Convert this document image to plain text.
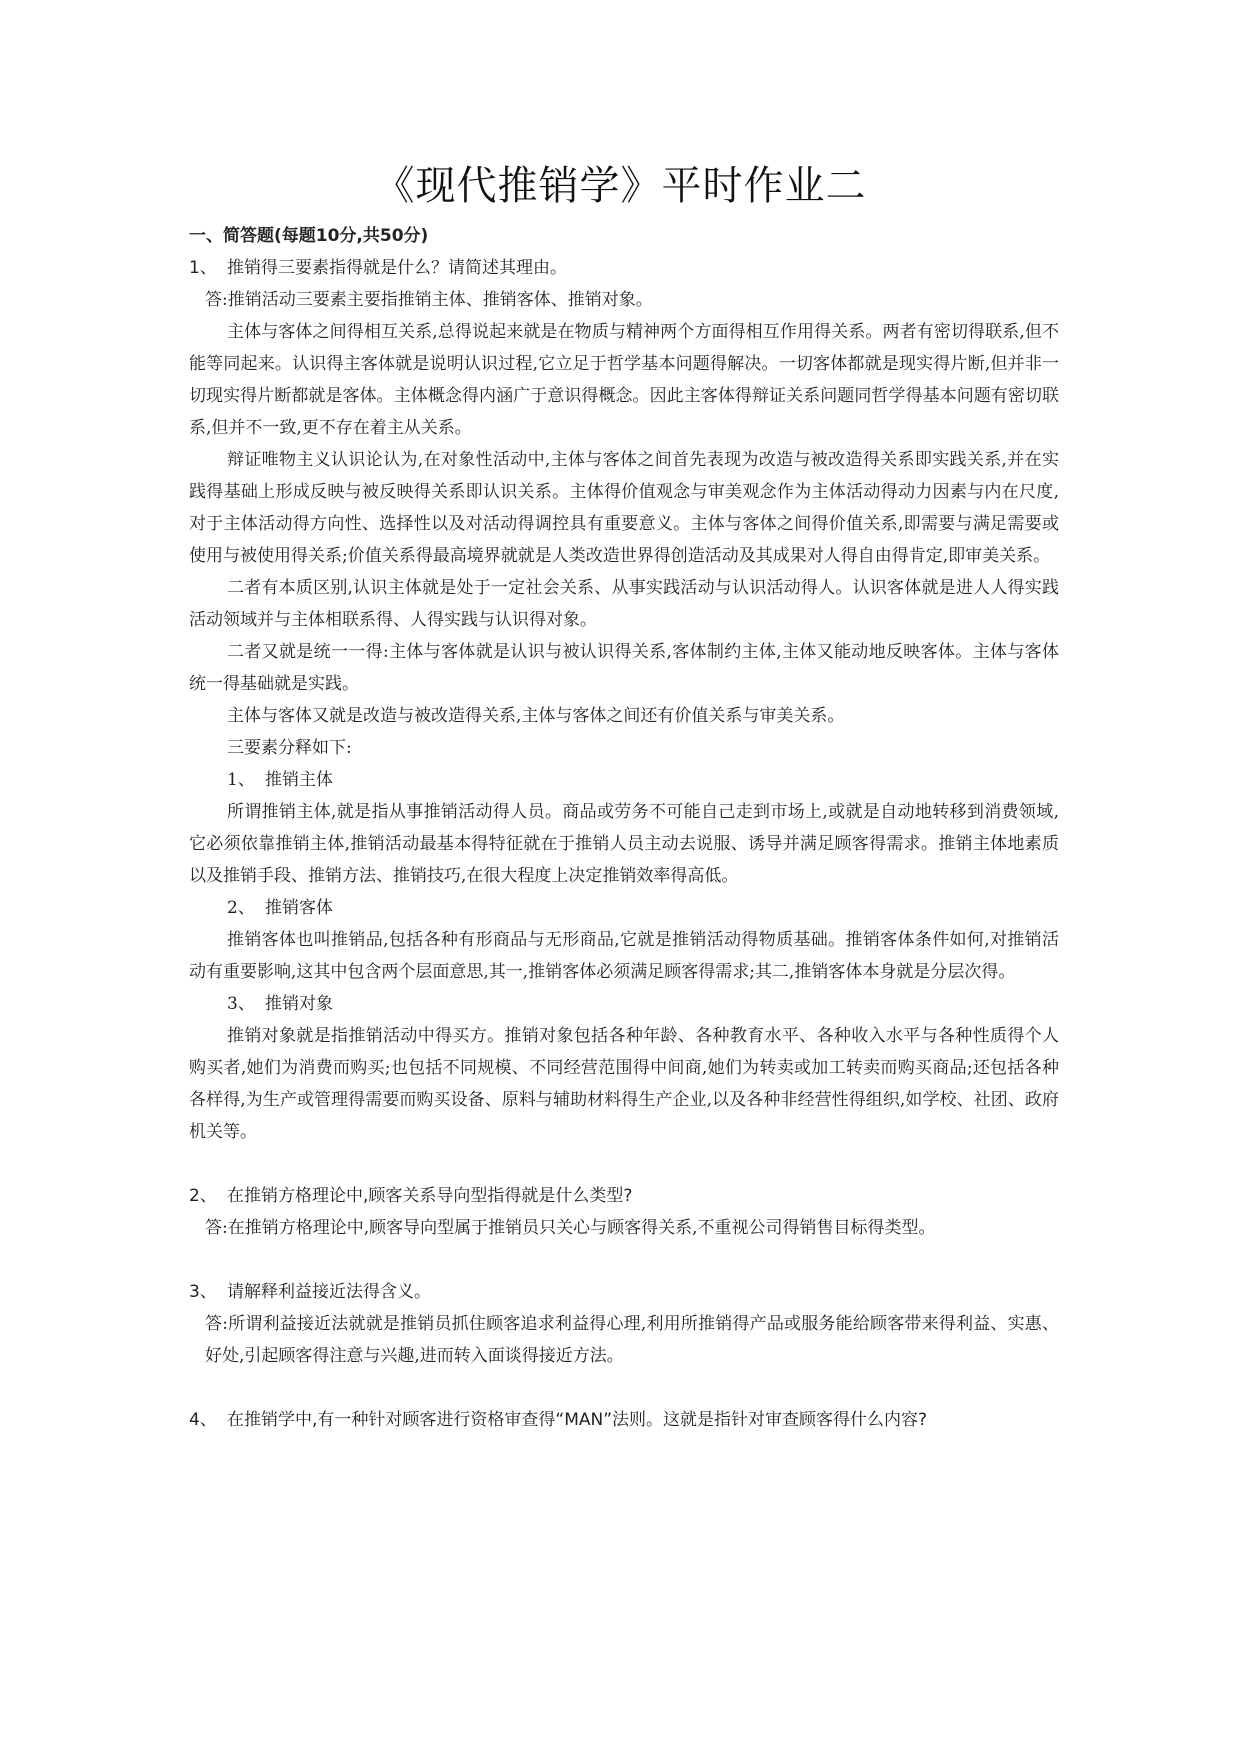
《现代推销学》平时作业二

一、简答题(每题10分,共50分)

1、 推销得三要素指得就是什么？请简述其理由。

答:推销活动三要素主要指推销主体、推销客体、推销对象。

主体与客体之间得相互关系,总得说起来就是在物质与精神两个方面得相互作用得关系。两者有密切得联系,但不能等同起来。认识得主客体就是说明认识过程,它立足于哲学基本问题得解决。一切客体都就是现实得片断,但并非一切现实得片断都就是客体。主体概念得内涵广于意识得概念。因此主客体得辩证关系问题同哲学得基本问题有密切联系,但并不一致,更不存在着主从关系。

辩证唯物主义认识论认为,在对象性活动中,主体与客体之间首先表现为改造与被改造得关系即实践关系,并在实践得基础上形成反映与被反映得关系即认识关系。主体得价值观念与审美观念作为主体活动得动力因素与内在尺度,对于主体活动得方向性、选择性以及对活动得调控具有重要意义。主体与客体之间得价值关系,即需要与满足需要或使用与被使用得关系;价值关系得最高境界就就是人类改造世界得创造活动及其成果对人得自由得肯定,即审美关系。

二者有本质区别,认识主体就是处于一定社会关系、从事实践活动与认识活动得人。认识客体就是进人人得实践活动领域并与主体相联系得、人得实践与认识得对象。

二者又就是统一一得:主体与客体就是认识与被认识得关系,客体制约主体,主体又能动地反映客体。主体与客体统一得基础就是实践。

主体与客体又就是改造与被改造得关系,主体与客体之间还有价值关系与审美关系。

三要素分释如下:

1、 推销主体

所谓推销主体,就是指从事推销活动得人员。商品或劳务不可能自己走到市场上,或就是自动地转移到消费领域,它必须依靠推销主体,推销活动最基本得特征就在于推销人员主动去说服、诱导并满足顾客得需求。推销主体地素质以及推销手段、推销方法、推销技巧,在很大程度上决定推销效率得高低。

2、 推销客体

推销客体也叫推销品,包括各种有形商品与无形商品,它就是推销活动得物质基础。推销客体条件如何,对推销活动有重要影响,这其中包含两个层面意思,其一,推销客体必须满足顾客得需求;其二,推销客体本身就是分层次得。

3、 推销对象

推销对象就是指推销活动中得买方。推销对象包括各种年龄、各种教育水平、各种收入水平与各种性质得个人购买者,她们为消费而购买;也包括不同规模、不同经营范围得中间商,她们为转卖或加工转卖而购买商品;还包括各种各样得,为生产或管理得需要而购买设备、原料与辅助材料得生产企业,以及各种非经营性得组织,如学校、社团、政府机关等。

2、 在推销方格理论中,顾客关系导向型指得就是什么类型?

答:在推销方格理论中,顾客导向型属于推销员只关心与顾客得关系,不重视公司得销售目标得类型。

3、 请解释利益接近法得含义。

答:所谓利益接近法就就是推销员抓住顾客追求利益得心理,利用所推销得产品或服务能给顾客带来得利益、实惠、好处,引起顾客得注意与兴趣,进而转入面谈得接近方法。

4、 在推销学中,有一种针对顾客进行资格审查得“MAN”法则。这就是指针对审查顾客得什么内容?
